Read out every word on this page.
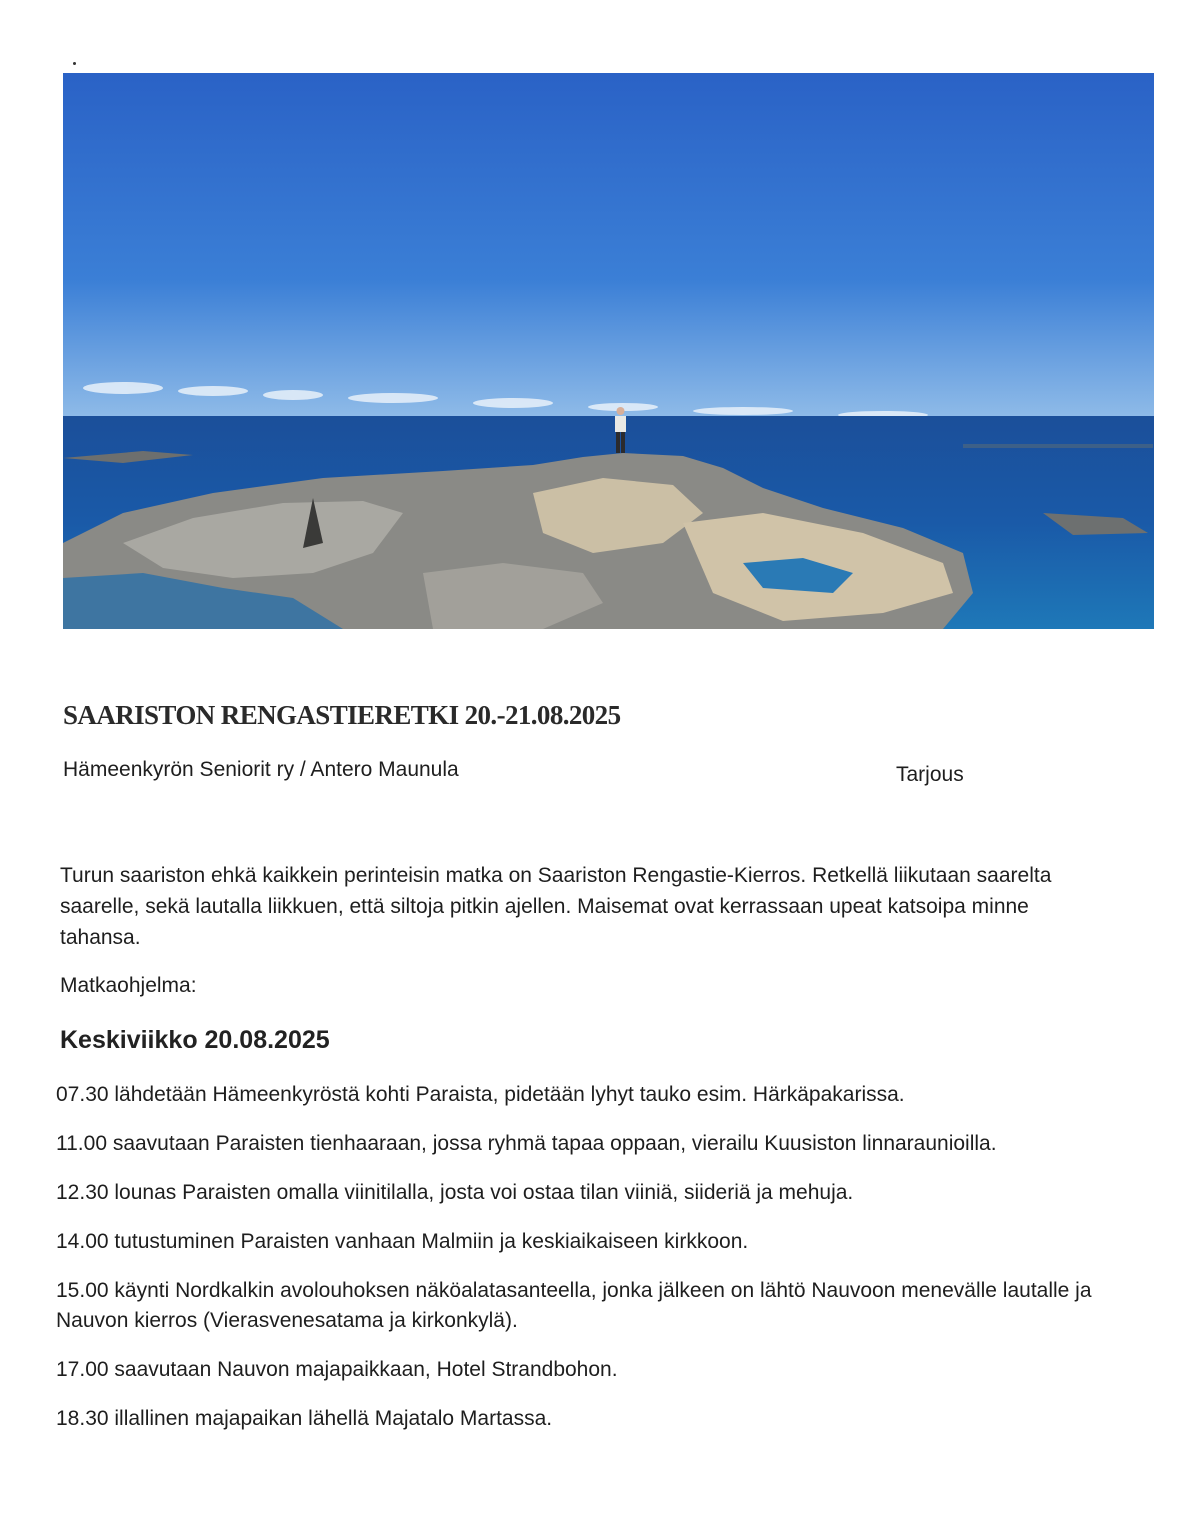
SAARISTON RENGASTIERETKI 20.-21.08.2025
Hämeenkyrön Seniorit ry / Antero Maunula	Tarjous

Turun saariston ehkä kaikkein perinteisin matka on Saariston Rengastie-Kierros. Retkellä liikutaan saarelta saarelle, sekä lautalla liikkuen, että siltoja pitkin ajellen. Maisemat ovat kerrassaan upeat katsoipa minne tahansa.

Matkaohjelma:
Keskiviikko 20.08.2025

07.30 lähdetään Hämeenkyröstä kohti Paraista, pidetään lyhyt tauko esim. Härkäpakarissa.

11.00 saavutaan Paraisten tienhaaraan, jossa ryhmä tapaa oppaan, vierailu Kuusiston linnaraunioilla.

12.30 lounas Paraisten omalla viinitilalla, josta voi ostaa tilan viiniä, siideriä ja mehuja.

14.00 tutustuminen Paraisten vanhaan Malmiin ja keskiaikaiseen kirkkoon.

15.00 käynti Nordkalkin avolouhoksen näköalatasanteella, jonka jälkeen on lähtö Nauvoon menevälle lautalle ja Nauvon kierros (Vierasvenesatama ja kirkonkylä).

17.00 saavutaan Nauvon majapaikkaan, Hotel Strandbohon.

18.30 illallinen majapaikan lähellä Majatalo Martassa.
